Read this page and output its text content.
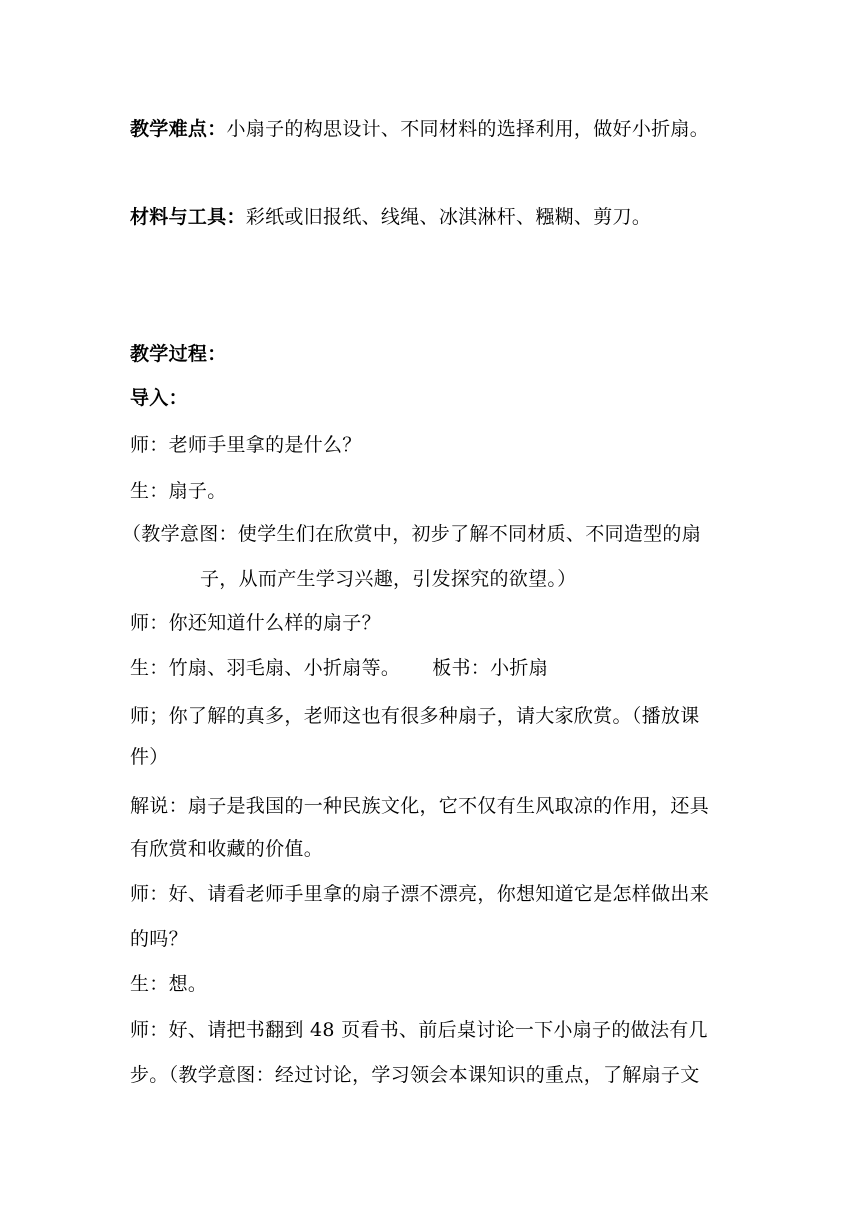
教学难点：小扇子的构思设计、不同材料的选择利用，做好小折扇。
材料与工具：彩纸或旧报纸、线绳、冰淇淋杆、糨糊、剪刀。
教学过程：
导入：
师：老师手里拿的是什么？
生：扇子。
（教学意图：使学生们在欣赏中，初步了解不同材质、不同造型的扇
子，从而产生学习兴趣，引发探究的欲望。）
师：你还知道什么样的扇子？
生：竹扇、羽毛扇、小折扇等。 板书：小折扇
师；你了解的真多，老师这也有很多种扇子，请大家欣赏。（播放课
件）
解说：扇子是我国的一种民族文化，它不仅有生风取凉的作用，还具
有欣赏和收藏的价值。
师：好、请看老师手里拿的扇子漂不漂亮，你想知道它是怎样做出来
的吗？
生：想。
师：好、请把书翻到 48 页看书、前后桌讨论一下小扇子的做法有几
步。（教学意图：经过讨论，学习领会本课知识的重点，了解扇子文
